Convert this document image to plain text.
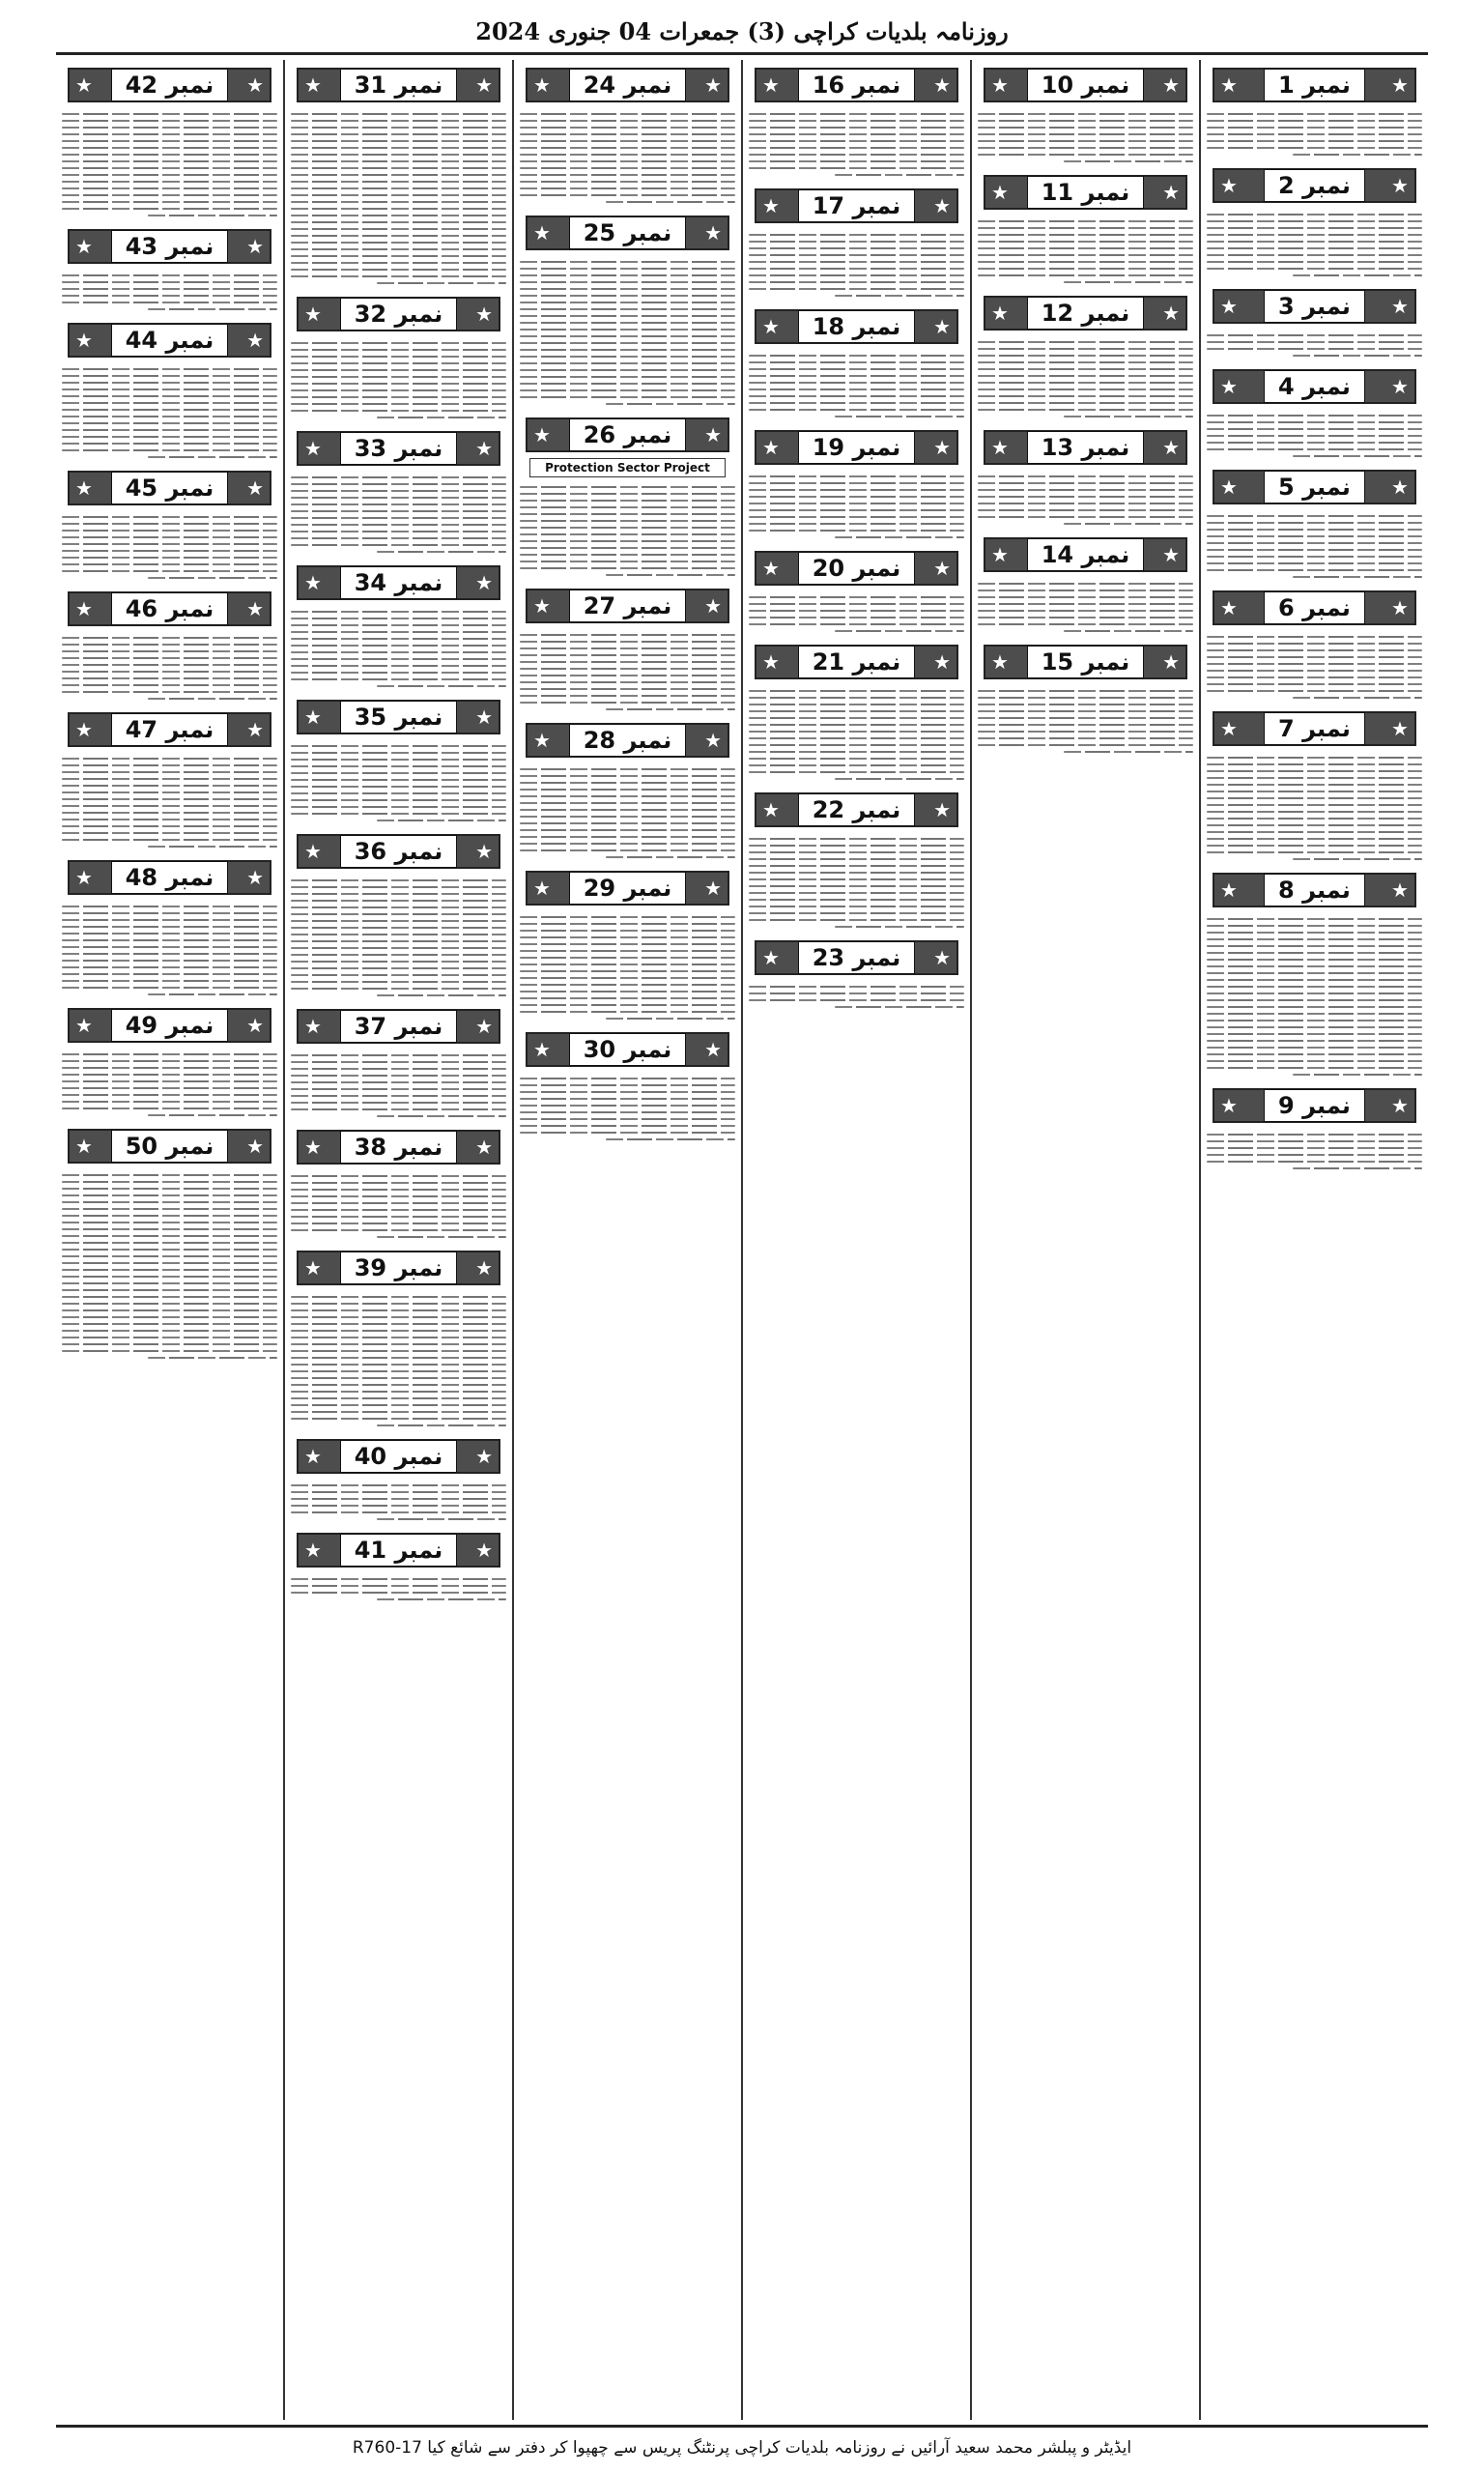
روزنامہ بلدیات کراچی (3) جمعرات 04 جنوری 2024
★	نمبر 1	★
★	نمبر 2	★
★	نمبر 3	★
★	نمبر 4	★
★	نمبر 5	★
★	نمبر 6	★
★	نمبر 7	★
★	نمبر 8	★
★	نمبر 9	★
★	نمبر 10	★
★	نمبر 11	★
★	نمبر 12	★
★	نمبر 13	★
★	نمبر 14	★
★	نمبر 15	★
★	نمبر 16	★
★	نمبر 17	★
★	نمبر 18	★
★	نمبر 19	★
★	نمبر 20	★
★	نمبر 21	★
★	نمبر 22	★
★	نمبر 23	★
★	نمبر 24	★
★	نمبر 25	★
★	نمبر 26	★
Protection Sector Project
★	نمبر 27	★
★	نمبر 28	★
★	نمبر 29	★
★	نمبر 30	★
★	نمبر 31	★
★	نمبر 32	★
★	نمبر 33	★
★	نمبر 34	★
★	نمبر 35	★
★	نمبر 36	★
★	نمبر 37	★
★	نمبر 38	★
★	نمبر 39	★
★	نمبر 40	★
★	نمبر 41	★
★	نمبر 42	★
★	نمبر 43	★
★	نمبر 44	★
★	نمبر 45	★
★	نمبر 46	★
★	نمبر 47	★
★	نمبر 48	★
★	نمبر 49	★
★	نمبر 50	★
ایڈیٹر و پبلشر محمد سعید آرائیں نے روزنامہ بلدیات کراچی پرنٹنگ پریس سے چھپوا کر دفتر سے شائع کیا R760-17
